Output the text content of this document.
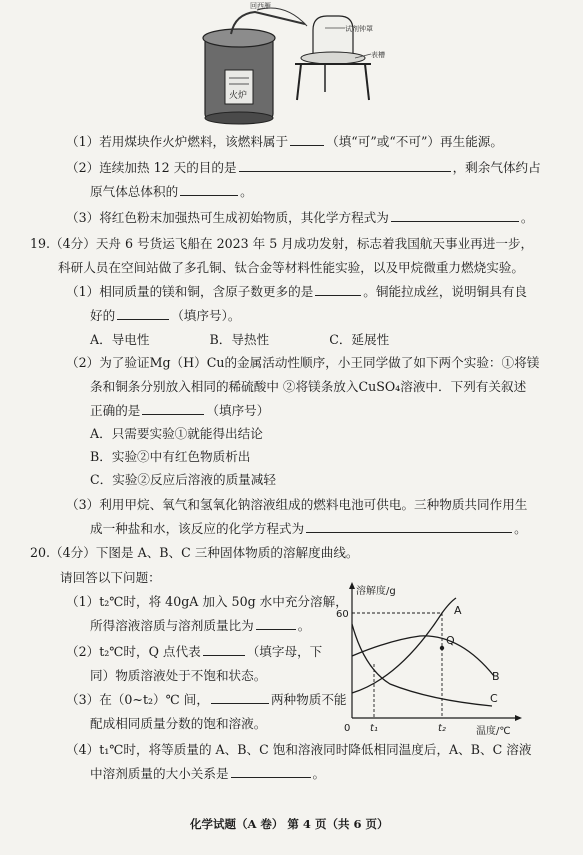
回西雁
试剂钟罩
表槽
火炉
（1）若用煤块作火炉燃料，该燃料属于	（填“可”或“不可”）再生能源。
（2）连续加热 12 天的目的是	，剩余气体约占
原气体总体积的	。
（3）将红色粉末加强热可生成初始物质，其化学方程式为	。
19.（4分）天舟 6 号货运飞船在 2023 年 5 月成功发射，标志着我国航天事业再进一步，
科研人员在空间站做了多孔铜、钛合金等材料性能实验，以及甲烷微重力燃烧实验。
（1）相同质量的镁和铜，含原子数更多的是	。铜能拉成丝，说明铜具有良
好的	（填序号）。
A．导电性	B．导热性	C．延展性
（2）为了验证Mg（H）Cu的金属活动性顺序，小王同学做了如下两个实验：①将镁
条和铜条分别放入相同的稀硫酸中 ②将镁条放入CuSO₄溶液中．下列有关叙述
正确的是	（填序号）
A．只需要实验①就能得出结论
B．实验②中有红色物质析出
C．实验②反应后溶液的质量减轻
（3）利用甲烷、氧气和氢氧化钠溶液组成的燃料电池可供电。三种物质共同作用生
成一种盐和水，该反应的化学方程式为	。
20.（4分）下图是 A、B、C 三种固体物质的溶解度曲线。
请回答以下问题：
（1）t₂℃时，将 40gA 加入 50g 水中充分溶解，
所得溶液溶质与溶剂质量比为	。
（2）t₂℃时，Q 点代表	（填字母，下
同）物质溶液处于不饱和状态。
（3）在（0~t₂）℃ 间，	两种物质不能
配成相同质量分数的饱和溶液。
（4）t₁℃时，将等质量的 A、B、C 饱和溶液同时降低相同温度后，A、B、C 溶液
中溶剂质量的大小关系是	。
溶解度/g
60
0 t₁	t₂	温度/℃
A
Q
B
C
化学试题（A 卷） 第 4 页（共 6 页）
